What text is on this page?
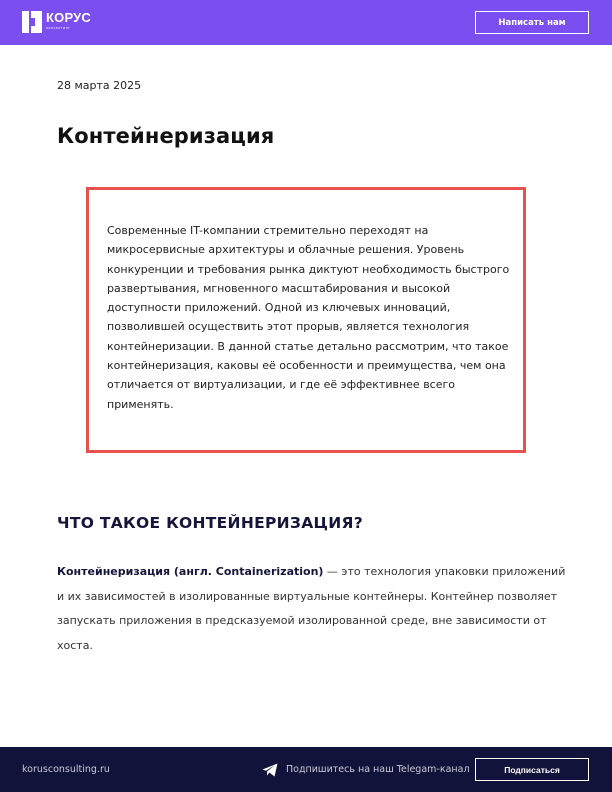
КОРУС
консалтинг
Написать нам
28 марта 2025
Контейнеризация

Современные IT-компании стремительно переходят на микросервисные архитектуры и облачные решения. Уровень конкуренции и требования рынка диктуют необходимость быстрого развертывания, мгновенного масштабирования и высокой доступности приложений. Одной из ключевых инноваций, позволившей осуществить этот прорыв, является технология контейнеризации. В данной статье детально рассмотрим, что такое контейнеризация, каковы её особенности и преимущества, чем она отличается от виртуализации, и где её эффективнее всего применять.

ЧТО ТАКОЕ КОНТЕЙНЕРИЗАЦИЯ?

Контейнеризация (англ. Containerization) — это технология упаковки приложений и их зависимостей в изолированные виртуальные контейнеры. Контейнер позволяет запускать приложения в предсказуемой изолированной среде, вне зависимости от хоста.

korusconsulting.ru	Подпишитесь на наш Telegam-канал	Подписаться
